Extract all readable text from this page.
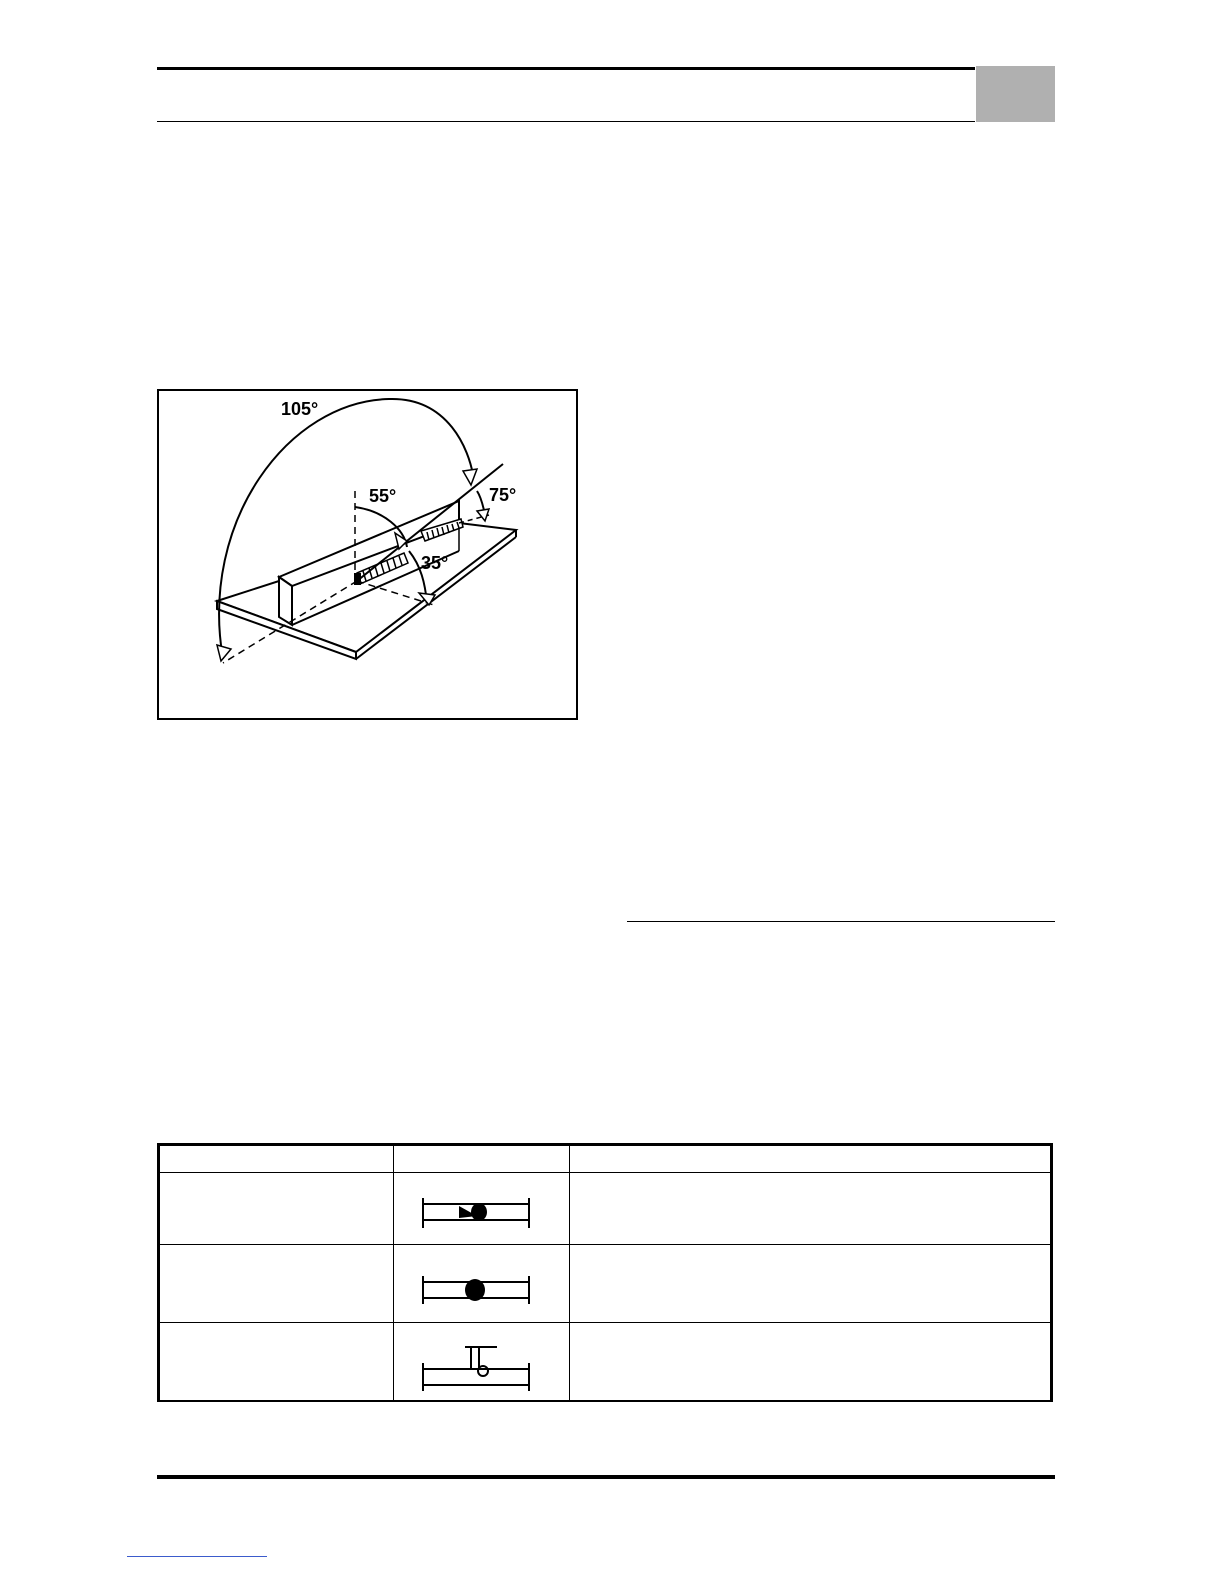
105°
55°	75°
35°
